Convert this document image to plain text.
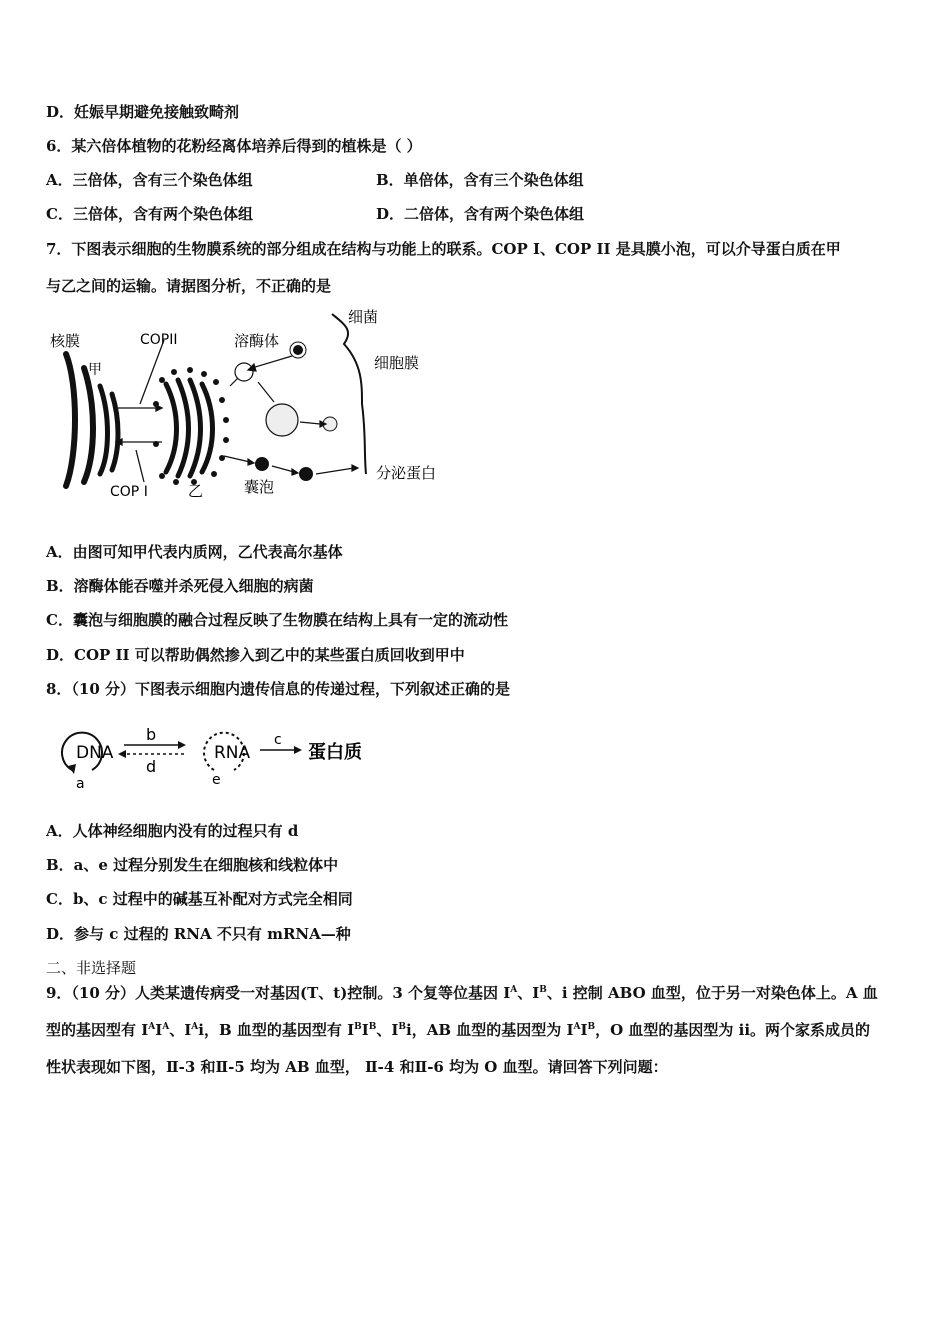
D．妊娠早期避免接触致畸剂
6．某六倍体植物的花粉经离体培养后得到的植株是（ ）
A．三倍体，含有三个染色体组	B．单倍体，含有三个染色体组
C．三倍体，含有两个染色体组	D．二倍体，含有两个染色体组
7．下图表示细胞的生物膜系统的部分组成在结构与功能上的联系。COP I、COP II 是具膜小泡，可以介导蛋白质在甲
与乙之间的运输。请据图分析，不正确的是
核膜	COPII
甲
COP I	乙
溶酶体
细菌
细胞膜
囊泡
分泌蛋白
A．由图可知甲代表内质网，乙代表高尔基体
B．溶酶体能吞噬并杀死侵入细胞的病菌
C．囊泡与细胞膜的融合过程反映了生物膜在结构上具有一定的流动性
D．COP II 可以帮助偶然掺入到乙中的某些蛋白质回收到甲中
8．（10 分）下图表示细胞内遗传信息的传递过程，下列叙述正确的是
DNA	RNA	蛋白质
a
b	c
d
e
A．人体神经细胞内没有的过程只有 d
B．a、e 过程分别发生在细胞核和线粒体中
C．b、c 过程中的碱基互补配对方式完全相同
D．参与 c 过程的 RNA 不只有 mRNA—种
二、非选择题
9．（10 分）人类某遗传病受一对基因(T、t)控制。3 个复等位基因 $I^A$、$I^B$、i 控制 ABO 血型，位于另一对染色体上。A 血
型的基因型有 $I^AI^A$、$I^Ai$，B 血型的基因型有 $I^BI^B$、$I^Bi$，AB 血型的基因型为 $I^AI^B$，O 血型的基因型为 ii。两个家系成员的
性状表现如下图，Ⅱ-3 和Ⅱ-5 均为 AB 血型， Ⅱ-4 和Ⅱ-6 均为 O 血型。请回答下列问题：
